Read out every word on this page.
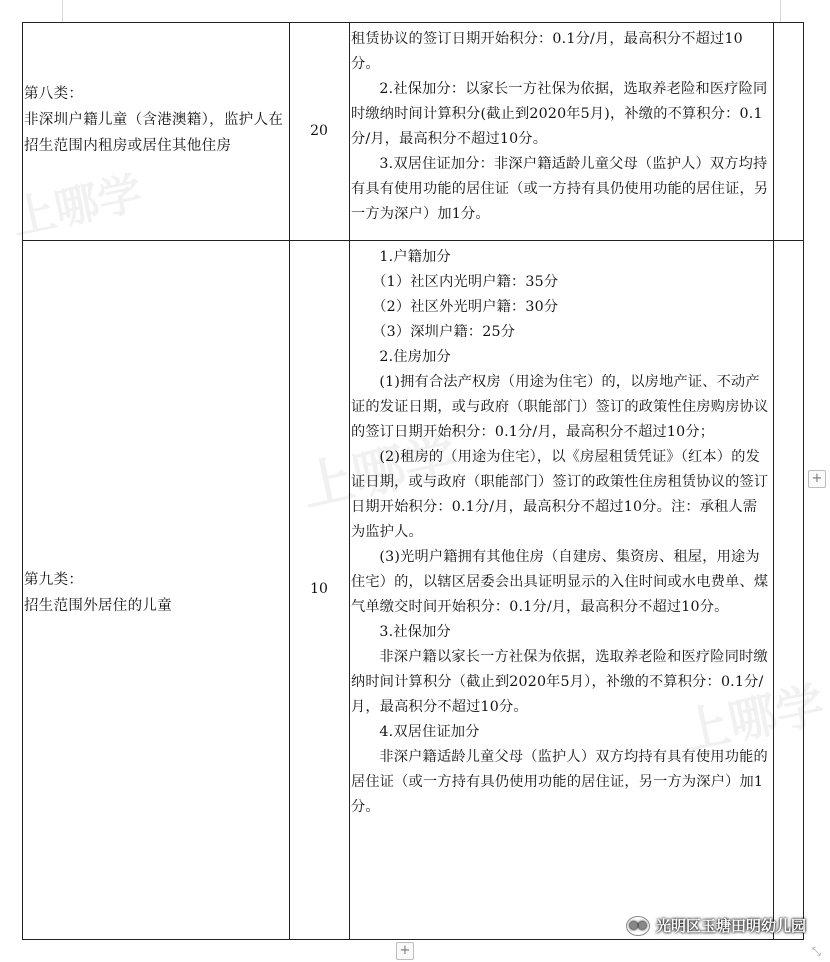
上哪学
上哪学
上哪学
第八类：
非深圳户籍儿童（含港澳籍），监护人在招生范围内租房或居住其他住房
20

租赁协议的签订日期开始积分：0.1分/月，最高积分不超过10分。

2.社保加分：以家长一方社保为依据，选取养老险和医疗险同时缴纳时间计算积分(截止到2020年5月)，补缴的不算积分：0.1分/月，最高积分不超过10分。

3.双居住证加分：非深户籍适龄儿童父母（监护人）双方均持有具有使用功能的居住证（或一方持有具仍使用功能的居住证，另一方为深户）加1分。

第九类：
招生范围外居住的儿童
10

1.户籍加分

（1）社区内光明户籍：35分

（2）社区外光明户籍：30分

（3）深圳户籍：25分

2.住房加分

(1)拥有合法产权房（用途为住宅）的，以房地产证、不动产证的发证日期，或与政府（职能部门）签订的政策性住房购房协议的签订日期开始积分：0.1分/月，最高积分不超过10分；

(2)租房的（用途为住宅），以《房屋租赁凭证》（红本）的发证日期，或与政府（职能部门）签订的政策性住房租赁协议的签订日期开始积分：0.1分/月，最高积分不超过10分。注：承租人需为监护人。

(3)光明户籍拥有其他住房（自建房、集资房、租屋，用途为住宅）的，以辖区居委会出具证明显示的入住时间或水电费单、煤气单缴交时间开始积分：0.1分/月，最高积分不超过10分。

3.社保加分

非深户籍以家长一方社保为依据，选取养老险和医疗险同时缴纳时间计算积分（截止到2020年5月），补缴的不算积分：0.1分/月，最高积分不超过10分。

4.双居住证加分

非深户籍适龄儿童父母（监护人）双方均持有具有使用功能的居住证（或一方持有具仍使用功能的居住证，另一方为深户）加1分。

+
+	⤡
●● 光明区玉塘田明幼儿园
